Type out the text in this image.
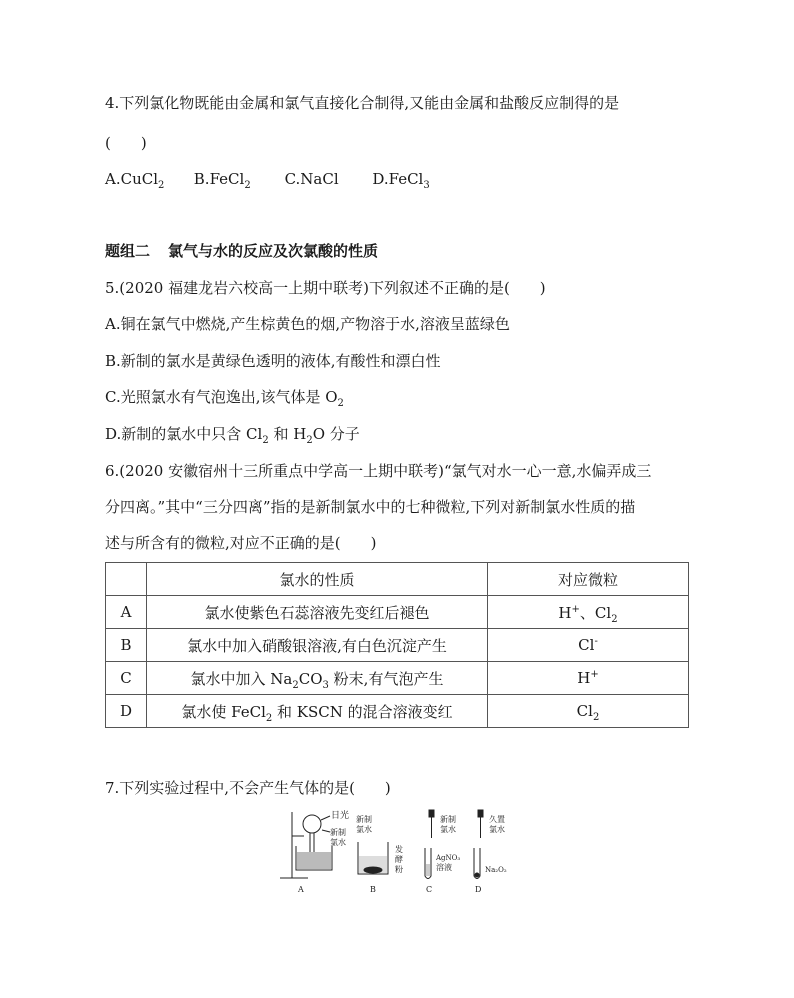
4.下列氯化物既能由金属和氯气直接化合制得,又能由金属和盐酸反应制得的是
(　　)
A.CuCl$_2$ B.FeCl$_2$ C.NaCl D.FeCl$_3$
题组二 氯气与水的反应及次氯酸的性质
5.(2020 福建龙岩六校高一上期中联考)下列叙述不正确的是(　　)
A.铜在氯气中燃烧,产生棕黄色的烟,产物溶于水,溶液呈蓝绿色
B.新制的氯水是黄绿色透明的液体,有酸性和漂白性
C.光照氯水有气泡逸出,该气体是 $O_2$
D.新制的氯水中只含 $Cl_2$ 和 $H_2O$ 分子
6.(2020 安徽宿州十三所重点中学高一上期中联考)“氯气对水一心一意,水偏弄成三
分四离。”其中“三分四离”指的是新制氯水中的七种微粒,下列对新制氯水性质的描
述与所含有的微粒,对应不正确的是(　　)
	氯水的性质	对应微粒
A	氯水使紫色石蕊溶液先变红后褪色	H+、$Cl_2$
B	氯水中加入硝酸银溶液,有白色沉淀产生	Cl-
C	氯水中加入 $Na_2CO_3$ 粉末,有气泡产生	H+
D	氯水使 FeCl$_2$ 和 KSCN 的混合溶液变红	$Cl_2$
7.下列实验过程中,不会产生气体的是(　　)
日光
新制
氯水
A
新制
氯水
发
酵
粉
B
新制
氯水
AgNO₃
溶液
C
久置
氯水
Na₂O₂
D
